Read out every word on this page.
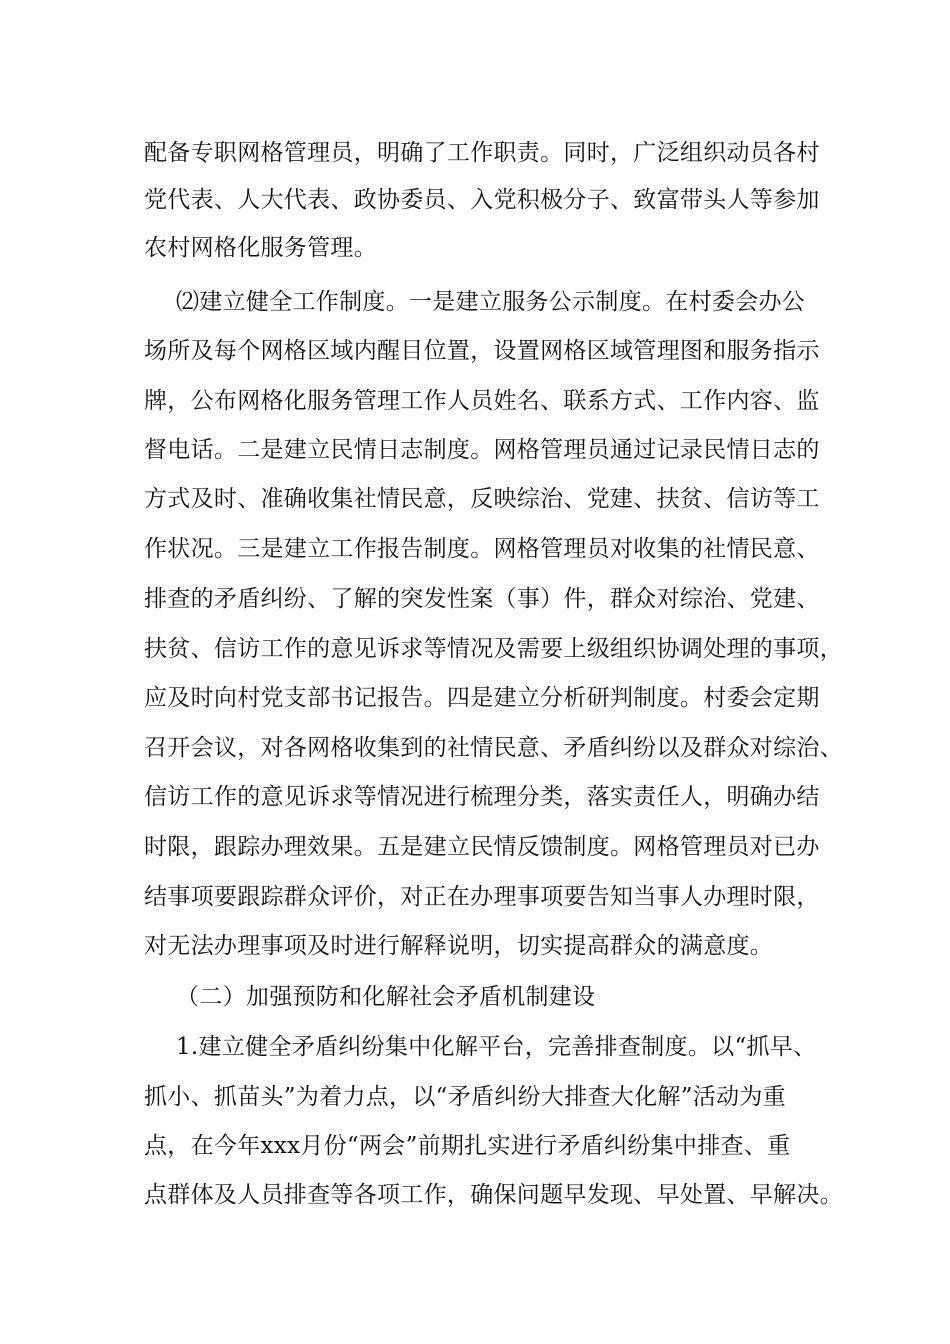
配备专职网格管理员，明确了工作职责。同时，广泛组织动员各村
党代表、人大代表、政协委员、入党积极分子、致富带头人等参加
农村网格化服务管理。
⑵建立健全工作制度。一是建立服务公示制度。在村委会办公
场所及每个网格区域内醒目位置，设置网格区域管理图和服务指示
牌，公布网格化服务管理工作人员姓名、联系方式、工作内容、监
督电话。二是建立民情日志制度。网格管理员通过记录民情日志的
方式及时、准确收集社情民意，反映综治、党建、扶贫、信访等工
作状况。三是建立工作报告制度。网格管理员对收集的社情民意、
排查的矛盾纠纷、了解的突发性案（事）件，群众对综治、党建、
扶贫、信访工作的意见诉求等情况及需要上级组织协调处理的事项，
应及时向村党支部书记报告。四是建立分析研判制度。村委会定期
召开会议，对各网格收集到的社情民意、矛盾纠纷以及群众对综治、
信访工作的意见诉求等情况进行梳理分类，落实责任人，明确办结
时限，跟踪办理效果。五是建立民情反馈制度。网格管理员对已办
结事项要跟踪群众评价，对正在办理事项要告知当事人办理时限，
对无法办理事项及时进行解释说明，切实提高群众的满意度。
（二）加强预防和化解社会矛盾机制建设
1.建立健全矛盾纠纷集中化解平台，完善排查制度。以“抓早、
抓小、抓苗头”为着力点，以“矛盾纠纷大排查大化解”活动为重
点，在今年xxx月份“两会”前期扎实进行矛盾纠纷集中排查、重
点群体及人员排查等各项工作，确保问题早发现、早处置、早解决。
